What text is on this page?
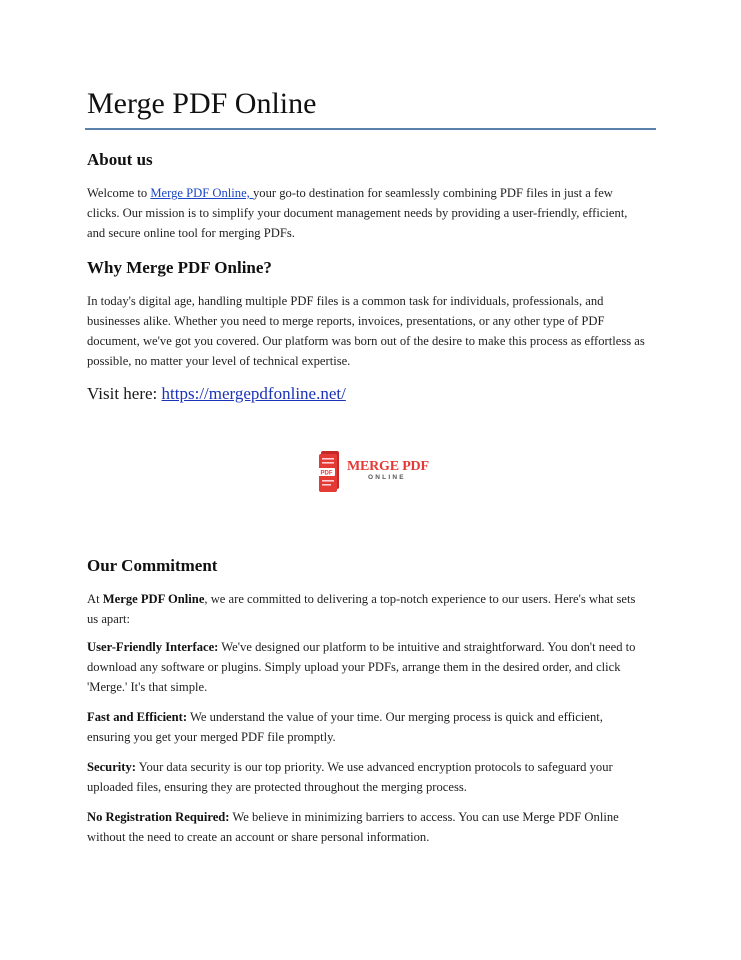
Merge PDF Online
About us

Welcome to Merge PDF Online, your go-to destination for seamlessly combining PDF files in just a few clicks. Our mission is to simplify your document management needs by providing a user-friendly, efficient, and secure online tool for merging PDFs.

Why Merge PDF Online?

In today's digital age, handling multiple PDF files is a common task for individuals, professionals, and businesses alike. Whether you need to merge reports, invoices, presentations, or any other type of PDF document, we've got you covered. Our platform was born out of the desire to make this process as effortless as possible, no matter your level of technical expertise.

Visit here: https://mergepdfonline.net/
PDF MERGE PDF
ONLINE
Our Commitment

At Merge PDF Online, we are committed to delivering a top-notch experience to our users. Here's what sets us apart:

User-Friendly Interface: We've designed our platform to be intuitive and straightforward. You don't need to download any software or plugins. Simply upload your PDFs, arrange them in the desired order, and click 'Merge.' It's that simple.

Fast and Efficient: We understand the value of your time. Our merging process is quick and efficient, ensuring you get your merged PDF file promptly.

Security: Your data security is our top priority. We use advanced encryption protocols to safeguard your uploaded files, ensuring they are protected throughout the merging process.

No Registration Required: We believe in minimizing barriers to access. You can use Merge PDF Online without the need to create an account or share personal information.
